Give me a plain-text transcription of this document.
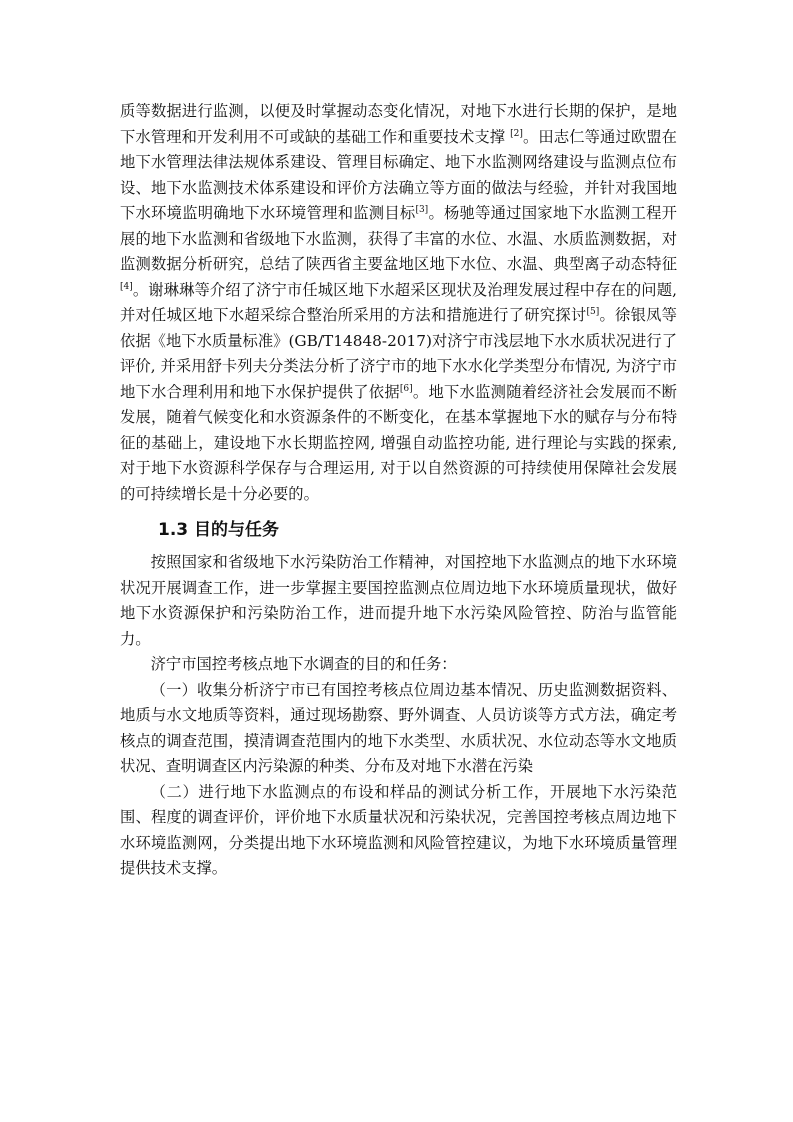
质等数据进行监测，以便及时掌握动态变化情况，对地下水进行长期的保护，是地下水管理和开发利用不可或缺的基础工作和重要技术支撑 [2]。田志仁等通过欧盟在地下水管理法律法规体系建设、管理目标确定、地下水监测网络建设与监测点位布设、地下水监测技术体系建设和评价方法确立等方面的做法与经验，并针对我国地下水环境监明确地下水环境管理和监测目标[3]。杨驰等通过国家地下水监测工程开展的地下水监测和省级地下水监测，获得了丰富的水位、水温、水质监测数据，对监测数据分析研究，总结了陕西省主要盆地区地下水位、水温、典型离子动态特征[4]。谢琳琳等介绍了济宁市任城区地下水超采区现状及治理发展过程中存在的问题, 并对任城区地下水超采综合整治所采用的方法和措施进行了研究探讨[5]。徐银凤等依据《地下水质量标准》(GB/T14848-2017)对济宁市浅层地下水水质状况进行了评价, 并采用舒卡列夫分类法分析了济宁市的地下水水化学类型分布情况, 为济宁市地下水合理利用和地下水保护提供了依据[6]。地下水监测随着经济社会发展而不断发展，随着气候变化和水资源条件的不断变化，在基本掌握地下水的赋存与分布特征的基础上，建设地下水长期监控网, 增强自动监控功能, 进行理论与实践的探索, 对于地下水资源科学保存与合理运用, 对于以自然资源的可持续使用保障社会发展的可持续增长是十分必要的。

1.3 目的与任务

按照国家和省级地下水污染防治工作精神，对国控地下水监测点的地下水环境状况开展调查工作，进一步掌握主要国控监测点位周边地下水环境质量现状，做好地下水资源保护和污染防治工作，进而提升地下水污染风险管控、防治与监管能力。

济宁市国控考核点地下水调查的目的和任务：

（一）收集分析济宁市已有国控考核点位周边基本情况、历史监测数据资料、地质与水文地质等资料，通过现场勘察、野外调查、人员访谈等方式方法，确定考核点的调查范围，摸清调查范围内的地下水类型、水质状况、水位动态等水文地质状况、查明调查区内污染源的种类、分布及对地下水潜在污染

（二）进行地下水监测点的布设和样品的测试分析工作，开展地下水污染范围、程度的调查评价，评价地下水质量状况和污染状况，完善国控考核点周边地下水环境监测网，分类提出地下水环境监测和风险管控建议，为地下水环境质量管理提供技术支撑。
